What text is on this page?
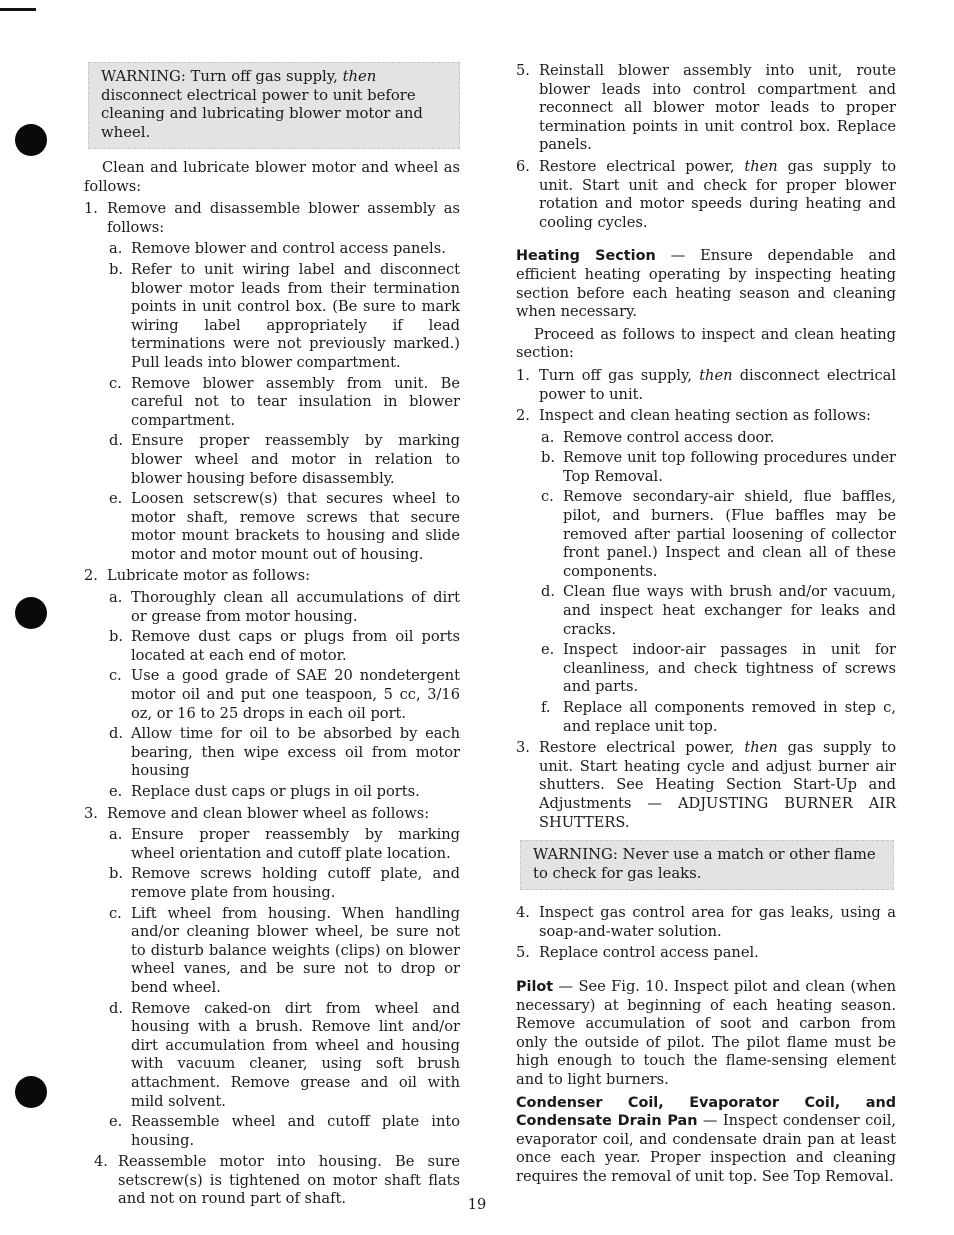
WARNING: Turn off gas supply, then disconnect electrical power to unit before cleaning and lubricating blower motor and wheel.

Clean and lubricate blower motor and wheel as follows:

1. Remove and disassemble blower assembly as follows:
a. Remove blower and control access panels.
b. Refer to unit wiring label and disconnect blower motor leads from their termination points in unit control box. (Be sure to mark wiring label appropriately if lead terminations were not previously marked.) Pull leads into blower compartment.
c. Remove blower assembly from unit. Be careful not to tear insulation in blower compartment.
d. Ensure proper reassembly by marking blower wheel and motor in relation to blower housing before disassembly.
e. Loosen setscrew(s) that secures wheel to motor shaft, remove screws that secure motor mount brackets to housing and slide motor and motor mount out of housing.
2. Lubricate motor as follows:
a. Thoroughly clean all accumulations of dirt or grease from motor housing.
b. Remove dust caps or plugs from oil ports located at each end of motor.
c. Use a good grade of SAE 20 nondetergent motor oil and put one teaspoon, 5 cc, 3/16 oz, or 16 to 25 drops in each oil port.
d. Allow time for oil to be absorbed by each bearing, then wipe excess oil from motor housing
e. Replace dust caps or plugs in oil ports.
3. Remove and clean blower wheel as follows:
a. Ensure proper reassembly by marking wheel orientation and cutoff plate location.
b. Remove screws holding cutoff plate, and remove plate from housing.
c. Lift wheel from housing. When handling and/or cleaning blower wheel, be sure not to disturb balance weights (clips) on blower wheel vanes, and be sure not to drop or bend wheel.
d. Remove caked-on dirt from wheel and housing with a brush. Remove lint and/or dirt accumulation from wheel and housing with vacuum cleaner, using soft brush attachment. Remove grease and oil with mild solvent.
e. Reassemble wheel and cutoff plate into housing.
4. Reassemble motor into housing. Be sure setscrew(s) is tightened on motor shaft flats and not on round part of shaft.
5. Reinstall blower assembly into unit, route blower leads into control compartment and reconnect all blower motor leads to proper termination points in unit control box. Replace panels.
6. Restore electrical power, then gas supply to unit. Start unit and check for proper blower rotation and motor speeds during heating and cooling cycles.

Heating Section — Ensure dependable and efficient heating operating by inspecting heating section before each heating season and cleaning when necessary.

Proceed as follows to inspect and clean heating section:

1. Turn off gas supply, then disconnect electrical power to unit.
2. Inspect and clean heating section as follows:
a. Remove control access door.
b. Remove unit top following procedures under Top Removal.
c. Remove secondary-air shield, flue baffles, pilot, and burners. (Flue baffles may be removed after partial loosening of collector front panel.) Inspect and clean all of these components.
d. Clean flue ways with brush and/or vacuum, and inspect heat exchanger for leaks and cracks.
e. Inspect indoor-air passages in unit for cleanliness, and check tightness of screws and parts.
f. Replace all components removed in step c, and replace unit top.
3. Restore electrical power, then gas supply to unit. Start heating cycle and adjust burner air shutters. See Heating Section Start-Up and Adjustments — ADJUSTING BURNER AIR SHUTTERS.
WARNING: Never use a match or other flame to check for gas leaks.
4. Inspect gas control area for gas leaks, using a soap-and-water solution.
5. Replace control access panel.

Pilot — See Fig. 10. Inspect pilot and clean (when necessary) at beginning of each heating season. Remove accumulation of soot and carbon from only the outside of pilot. The pilot flame must be high enough to touch the flame-sensing element and to light burners.

Condenser Coil, Evaporator Coil, and Condensate Drain Pan — Inspect condenser coil, evaporator coil, and condensate drain pan at least once each year. Proper inspection and cleaning requires the removal of unit top. See Top Removal.

19
